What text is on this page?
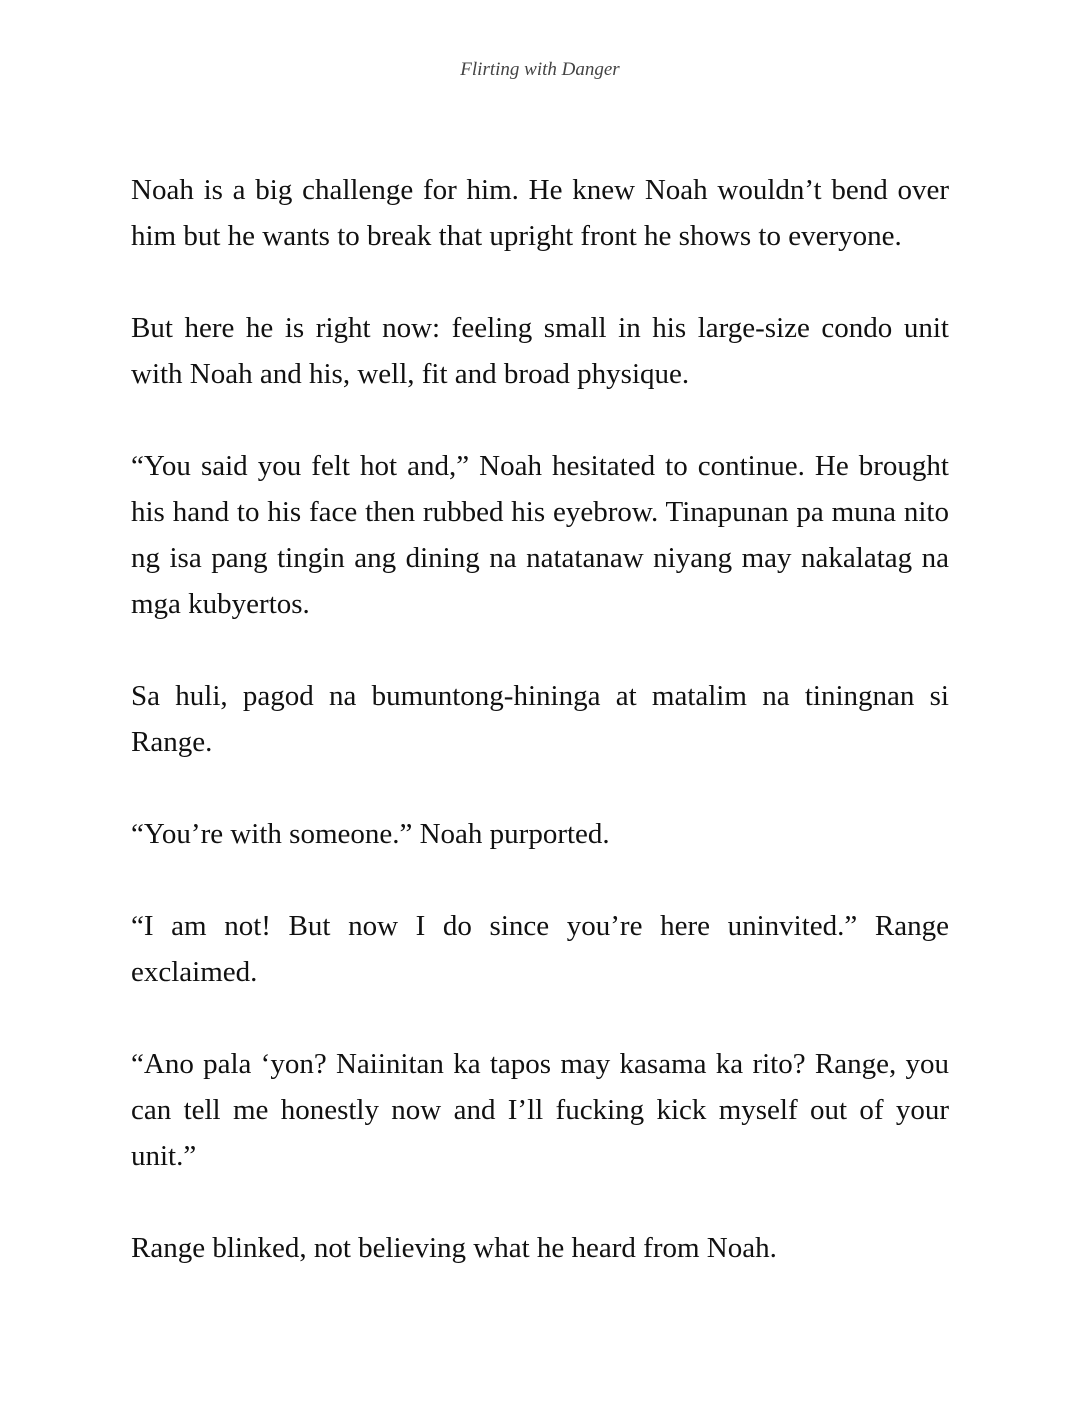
Flirting with Danger

Noah is a big challenge for him. He knew Noah wouldn’t bend over him but he wants to break that upright front he shows to everyone.

But here he is right now: feeling small in his large-size condo unit with Noah and his, well, fit and broad physique.

“You said you felt hot and,” Noah hesitated to continue. He brought his hand to his face then rubbed his eyebrow. Tinapunan pa muna nito ng isa pang tingin ang dining na natatanaw niyang may nakalatag na mga kubyertos.

Sa huli, pagod na bumuntong-hininga at matalim na tiningnan si Range.

“You’re with someone.” Noah purported.

“I am not! But now I do since you’re here uninvited.” Range exclaimed.

“Ano pala ‘yon? Naiinitan ka tapos may kasama ka rito? Range, you can tell me honestly now and I’ll fucking kick myself out of your unit.”

Range blinked, not believing what he heard from Noah.
